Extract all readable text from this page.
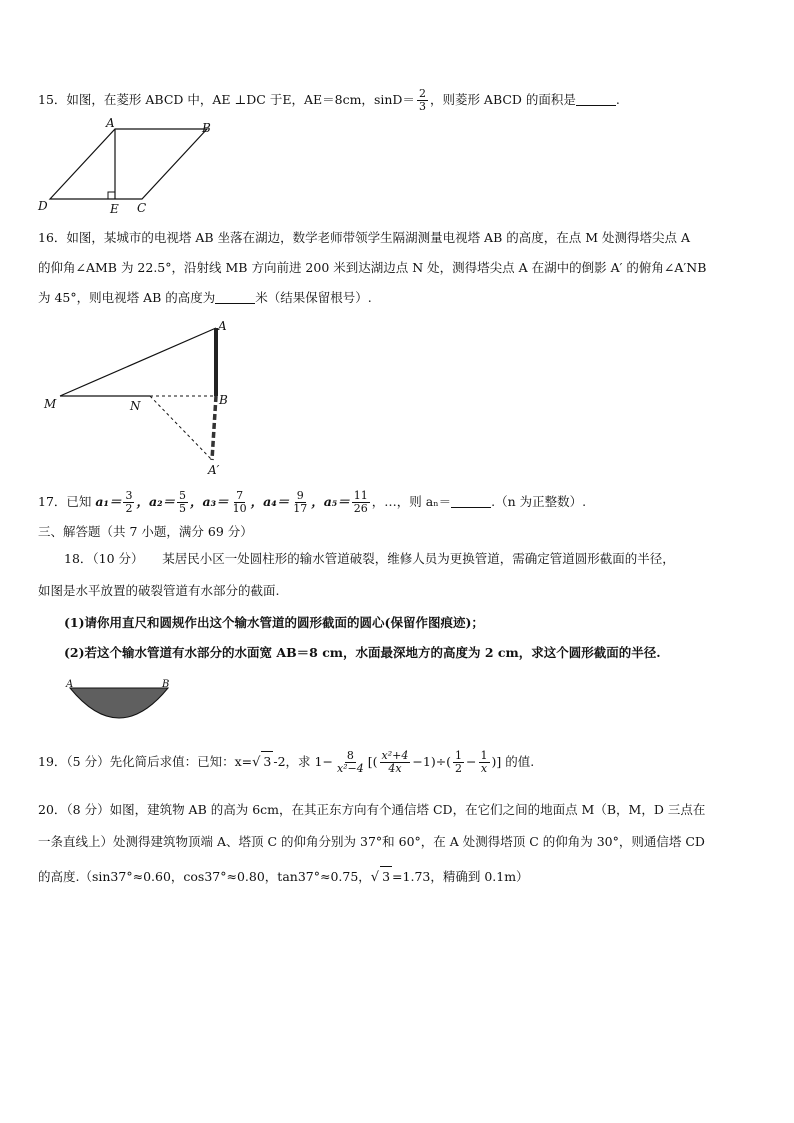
15．如图，在菱形 ABCD 中，AE ⊥DC 于E，AE＝8cm，$\sin D= \frac{2}{3}$ ，则菱形 ABCD 的面积是	.
A	B
C
D	E
16．如图，某城市的电视塔 AB 坐落在湖边，数学老师带领学生隔湖测量电视塔 AB 的高度，在点 M 处测得塔尖点 A
的仰角∠AMB 为 22.5°，沿射线 MB 方向前进 200 米到达湖边点 N 处，测得塔尖点 A 在湖中的倒影 A′ 的俯角∠A′NB
为 45°，则电视塔 AB 的高度为	米（结果保留根号）.
A
M	N	B
A′
17．已知 $a_1= \frac{3}{2}$ ，$a_2= \frac{5}{5}$ ，$a_3= \frac{7}{10}$ ，$a_4= \frac{9}{17}$ ，$a_5= \frac{11}{26}$ ，…，则 aₙ＝	.（n 为正整数）.
三、解答题（共 7 小题，满分 69 分）
18．（10 分）　　某居民小区一处圆柱形的输水管道破裂，维修人员为更换管道，需确定管道圆形截面的半径，
如图是水平放置的破裂管道有水部分的截面.
(1)请你用直尺和圆规作出这个输水管道的圆形截面的圆心(保留作图痕迹)；
(2)若这个输水管道有水部分的水面宽 AB＝8 cm，水面最深地方的高度为 2 cm，求这个圆形截面的半径.
A	B
19．（5 分）先化简后求值：已知：x=√ 3 -2，求 $1- \frac{8}{\text{x²−4}}$ [( $\frac{\text{x²+4}}{4x} -1)\div( \frac{1}{2} - \frac{1}{x}$ )] 的值.
20．（8 分）如图，建筑物 AB 的高为 6cm，在其正东方向有个通信塔 CD，在它们之间的地面点 M（B，M，D 三点在
一条直线上）处测得建筑物顶端 A、塔顶 C 的仰角分别为 37°和 60°，在 A 处测得塔顶 C 的仰角为 30°，则通信塔 CD
的高度.（sin37°≈0.60，cos37°≈0.80，tan37°≈0.75，√ 3 =1.73，精确到 0.1m）
